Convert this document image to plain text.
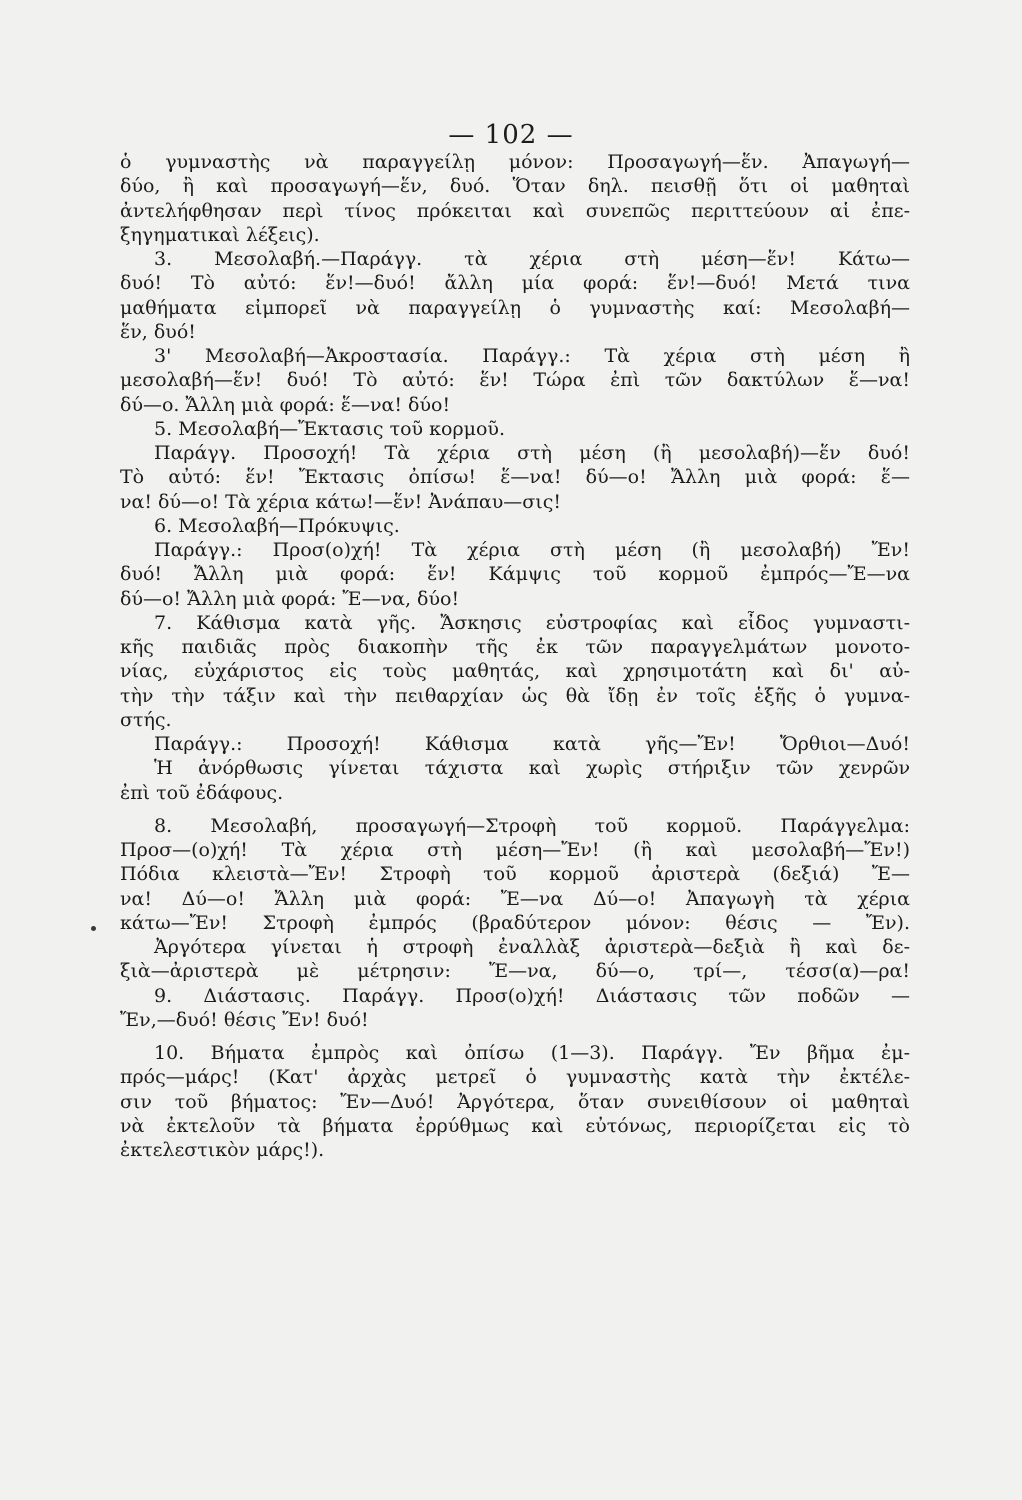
— 102 —
ὁ γυμναστὴς νὰ παραγγείλῃ μόνον: Προσαγωγή—ἕν. Ἀπαγωγή—
δύο, ἢ καὶ προσαγωγή—ἕν, δυό. Ὅταν δηλ. πεισθῇ ὅτι οἱ μαθηταὶ
ἀντελήφθησαν περὶ τίνος πρόκειται καὶ συνεπῶς περιττεύουν αἱ ἐπε-
ξηγηματικαὶ λέξεις).
3. Μεσολαβή.—Παράγγ. τὰ χέρια στὴ μέση—ἕν! Κάτω—
δυό! Τὸ αὐτό: ἕν!—δυό! ἄλλη μία φορά: ἕν!—δυό! Μετά τινα
μαθήματα εἰμπορεῖ νὰ παραγγείλῃ ὁ γυμναστὴς καί: Μεσολαβή—
ἕν, δυό!
3' Μεσολαβή—Ἀκροστασία. Παράγγ.: Τὰ χέρια στὴ μέση ἢ
μεσολαβή—ἕν! δυό! Τὸ αὐτό: ἕν! Τώρα ἐπὶ τῶν δακτύλων ἕ—να!
δύ—ο. Ἄλλη μιὰ φορά: ἕ—να! δύο!
5. Μεσολαβή—Ἔκτασις τοῦ κορμοῦ.
Παράγγ. Προσοχή! Τὰ χέρια στὴ μέση (ἢ μεσολαβή)—ἕν δυό!
Τὸ αὐτό: ἕν! Ἔκτασις ὀπίσω! ἕ—να! δύ—ο! Ἄλλη μιὰ φορά: ἕ—
να! δύ—ο! Τὰ χέρια κάτω!—ἕν! Ἀνάπαυ—σις!
6. Μεσολαβή—Πρόκυψις.
Παράγγ.: Προσ(ο)χή! Τὰ χέρια στὴ μέση (ἢ μεσολαβή) Ἔν!
δυό! Ἄλλη μιὰ φορά: ἕν! Κάμψις τοῦ κορμοῦ ἐμπρός—Ἔ—να
δύ—ο! Ἄλλη μιὰ φορά: Ἔ—να, δύο!
7. Κάθισμα κατὰ γῆς. Ἄσκησις εὐστροφίας καὶ εἶδος γυμναστι-
κῆς παιδιᾶς πρὸς διακοπὴν τῆς ἐκ τῶν παραγγελμάτων μονοτο-
νίας, εὐχάριστος εἰς τοὺς μαθητάς, καὶ χρησιμοτάτη καὶ δι' αὐ-
τὴν τὴν τάξιν καὶ τὴν πειθαρχίαν ὡς θὰ ἴδῃ ἐν τοῖς ἑξῆς ὁ γυμνα-
στής.
Παράγγ.: Προσοχή! Κάθισμα κατὰ γῆς—Ἔν! Ὄρθιοι—Δυό!
Ἡ ἀνόρθωσις γίνεται τάχιστα καὶ χωρὶς στήριξιν τῶν χενρῶν
ἐπὶ τοῦ ἐδάφους.
8. Μεσολαβή, προσαγωγή—Στροφὴ τοῦ κορμοῦ. Παράγγελμα:
Προσ—(ο)χή! Τὰ χέρια στὴ μέση—Ἔν! (ἢ καὶ μεσολαβή—Ἔν!)
Πόδια κλειστὰ—Ἔν! Στροφὴ τοῦ κορμοῦ ἀριστερὰ (δεξιά) Ἔ—
να! Δύ—ο! Ἄλλη μιὰ φορά: Ἔ—να Δύ—ο! Ἀπαγωγὴ τὰ χέρια
κάτω—Ἔν! Στροφὴ ἐμπρός (βραδύτερον μόνον: θέσις — Ἔν).
Ἀργότερα γίνεται ἡ στροφὴ ἐναλλὰξ ἀριστερὰ—δεξιὰ ἢ καὶ δε-
ξιὰ—ἀριστερὰ μὲ μέτρησιν: Ἔ—να, δύ—ο, τρί—, τέσσ(α)—ρα!
9. Διάστασις. Παράγγ. Προσ(ο)χή! Διάστασις τῶν ποδῶν —
Ἔν,—δυό! θέσις Ἔν! δυό!
10. Βήματα ἐμπρὸς καὶ ὀπίσω (1—3). Παράγγ. Ἔν βῆμα ἐμ-
πρός—μάρς! (Κατ' ἀρχὰς μετρεῖ ὁ γυμναστὴς κατὰ τὴν ἐκτέλε-
σιν τοῦ βήματος: Ἔν—Δυό! Ἀργότερα, ὅταν συνειθίσουν οἱ μαθηταὶ
νὰ ἐκτελοῦν τὰ βήματα ἐρρύθμως καὶ εὐτόνως, περιορίζεται εἰς τὸ
ἐκτελεστικὸν μάρς!).
